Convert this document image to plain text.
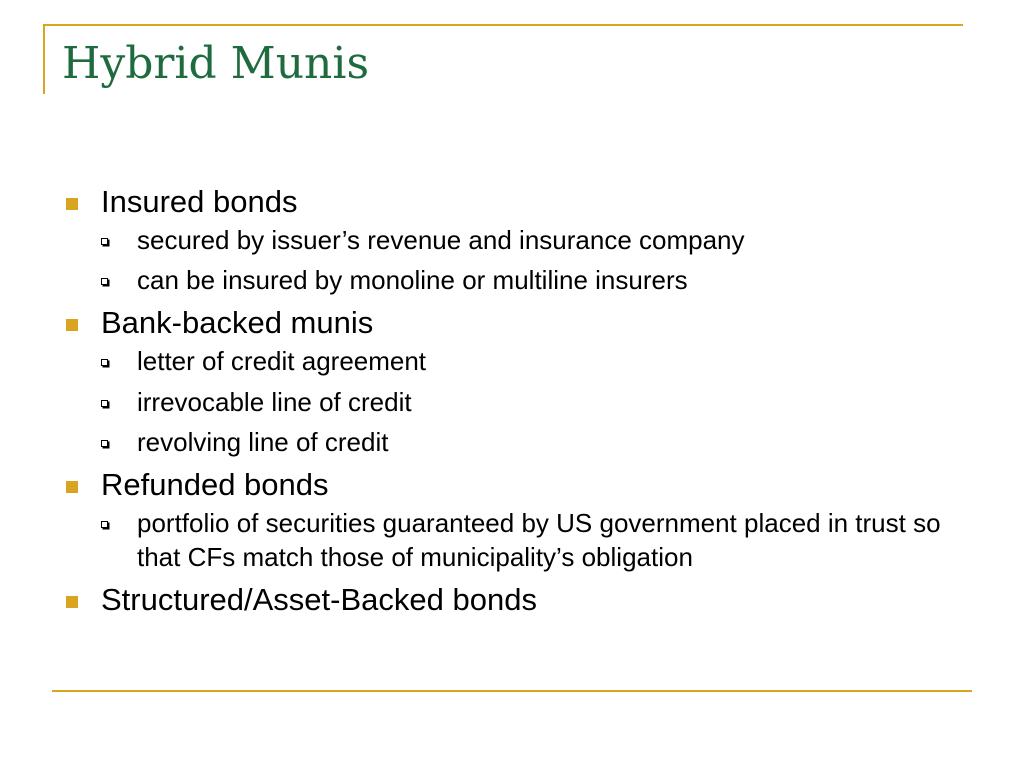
Hybrid Munis
Insured bonds
secured by issuer’s revenue and insurance company
can be insured by monoline or multiline insurers
Bank-backed munis
letter of credit agreement
irrevocable line of credit
revolving line of credit
Refunded bonds
portfolio of securities guaranteed by US government placed in trust so that CFs match those of municipality’s obligation
Structured/Asset-Backed bonds
